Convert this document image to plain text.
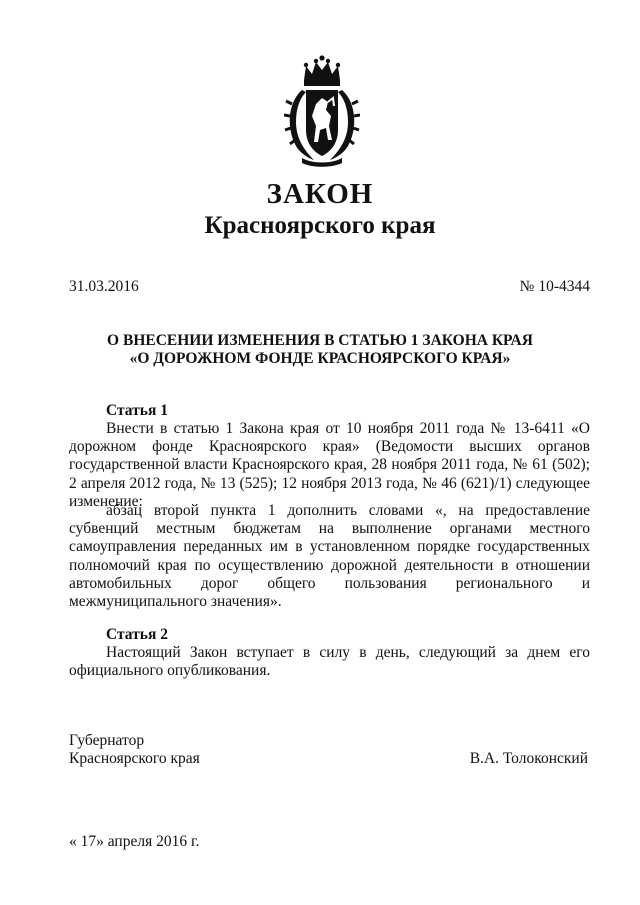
ЗАКОН
Красноярского края
31.03.2016	№ 10-4344
О ВНЕСЕНИИ ИЗМЕНЕНИЯ В СТАТЬЮ 1 ЗАКОНА КРАЯ
«О ДОРОЖНОМ ФОНДЕ КРАСНОЯРСКОГО КРАЯ»
Статья 1
Внести в статью 1 Закона края от 10 ноября 2011 года № 13-6411 «О дорожном фонде Красноярского края» (Ведомости высших органов государственной власти Красноярского края, 28 ноября 2011 года, № 61 (502); 2 апреля 2012 года, № 13 (525); 12 ноября 2013 года, № 46 (621)/1) следующее изменение:
абзац второй пункта 1 дополнить словами «, на предоставление субвенций местным бюджетам на выполнение органами местного самоуправления переданных им в установленном порядке государственных полномочий края по осуществлению дорожной деятельности в отношении автомобильных дорог общего пользования регионального и межмуниципального значения».
Статья 2
Настоящий Закон вступает в силу в день, следующий за днем его официального опубликования.
Губернатор
Красноярского края	В.А. Толоконский
« 17» апреля 2016 г.
